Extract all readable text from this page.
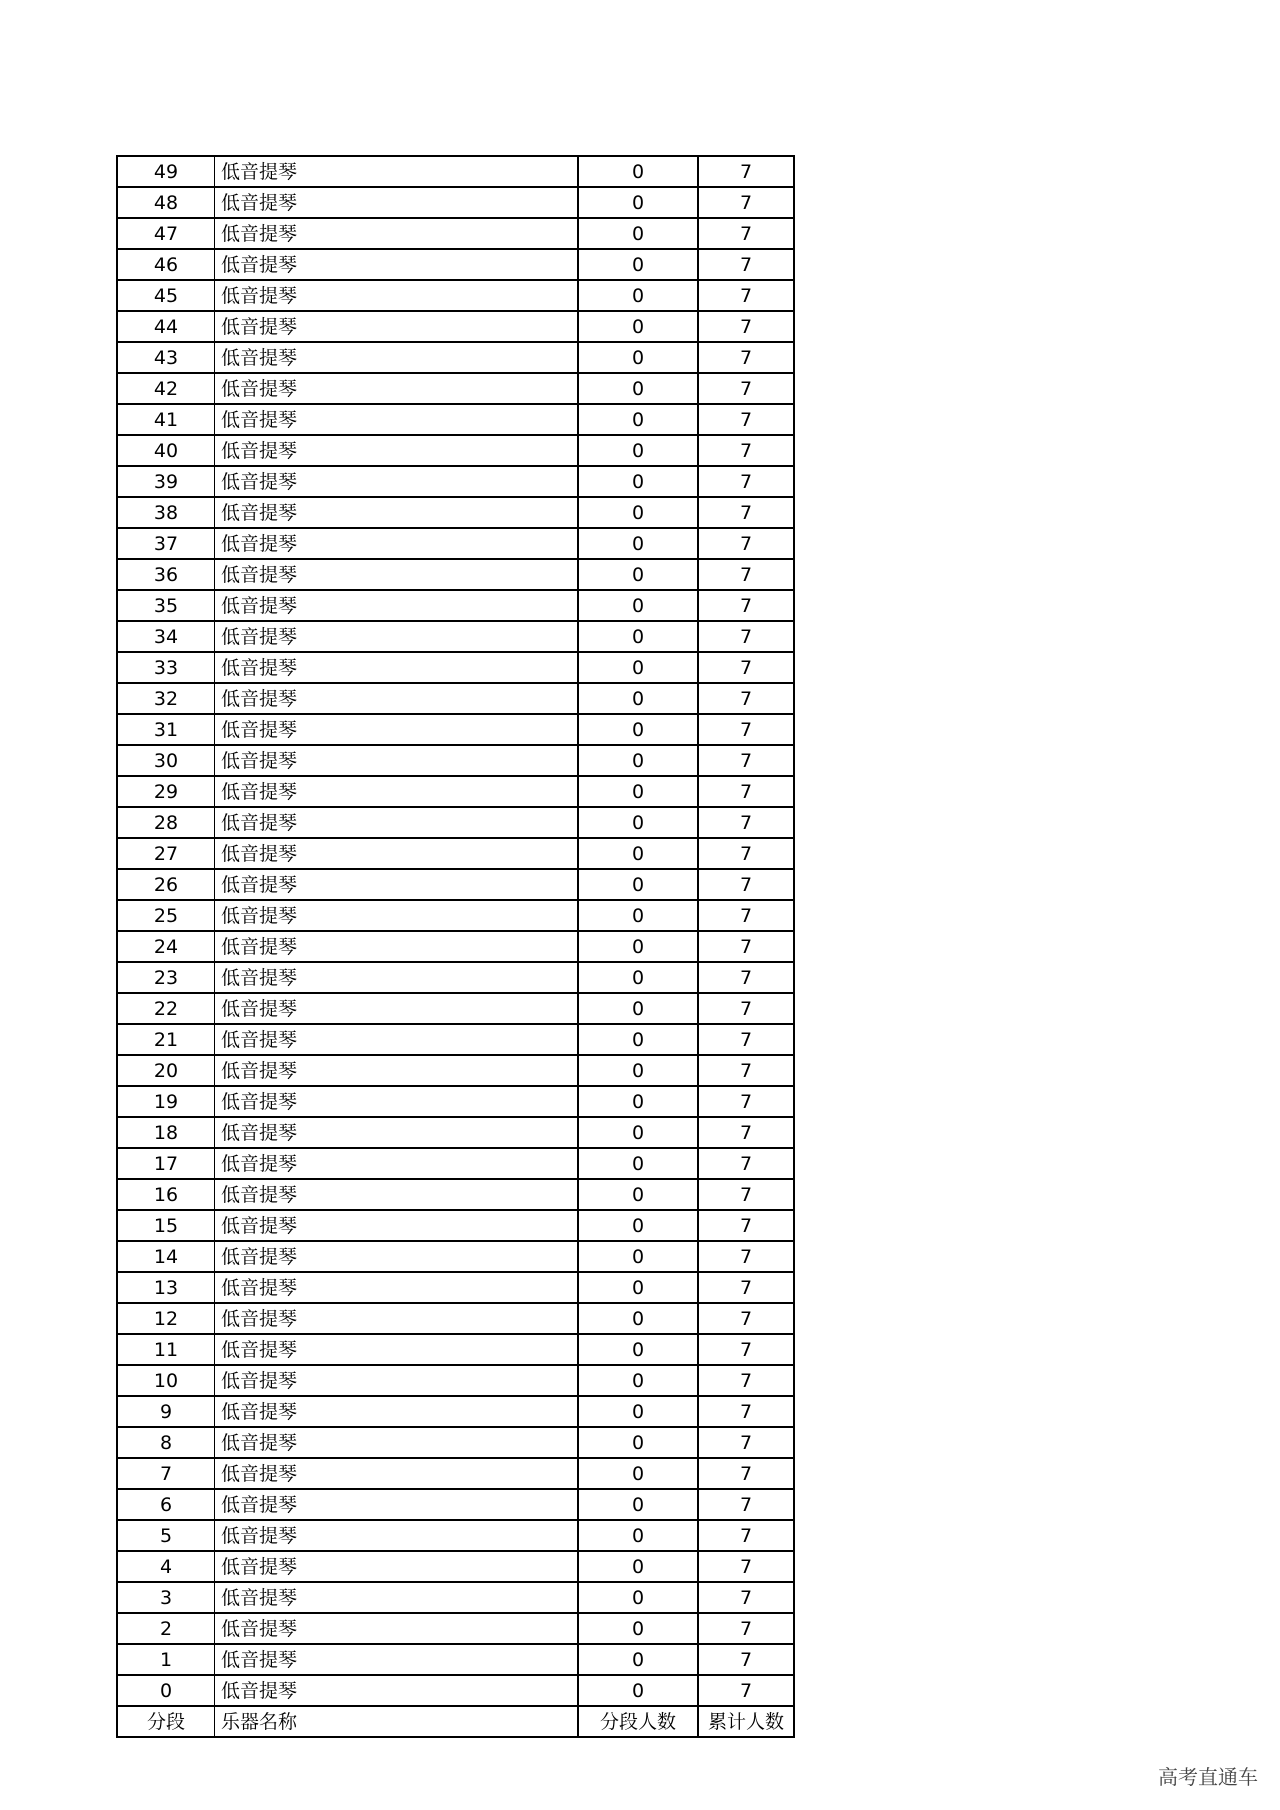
49	低音提琴	0	7
48	低音提琴	0	7
47	低音提琴	0	7
46	低音提琴	0	7
45	低音提琴	0	7
44	低音提琴	0	7
43	低音提琴	0	7
42	低音提琴	0	7
41	低音提琴	0	7
40	低音提琴	0	7
39	低音提琴	0	7
38	低音提琴	0	7
37	低音提琴	0	7
36	低音提琴	0	7
35	低音提琴	0	7
34	低音提琴	0	7
33	低音提琴	0	7
32	低音提琴	0	7
31	低音提琴	0	7
30	低音提琴	0	7
29	低音提琴	0	7
28	低音提琴	0	7
27	低音提琴	0	7
26	低音提琴	0	7
25	低音提琴	0	7
24	低音提琴	0	7
23	低音提琴	0	7
22	低音提琴	0	7
21	低音提琴	0	7
20	低音提琴	0	7
19	低音提琴	0	7
18	低音提琴	0	7
17	低音提琴	0	7
16	低音提琴	0	7
15	低音提琴	0	7
14	低音提琴	0	7
13	低音提琴	0	7
12	低音提琴	0	7
11	低音提琴	0	7
10	低音提琴	0	7
9	低音提琴	0	7
8	低音提琴	0	7
7	低音提琴	0	7
6	低音提琴	0	7
5	低音提琴	0	7
4	低音提琴	0	7
3	低音提琴	0	7
2	低音提琴	0	7
1	低音提琴	0	7
0	低音提琴	0	7
分段	乐器名称	分段人数	累计人数
高考直通车
